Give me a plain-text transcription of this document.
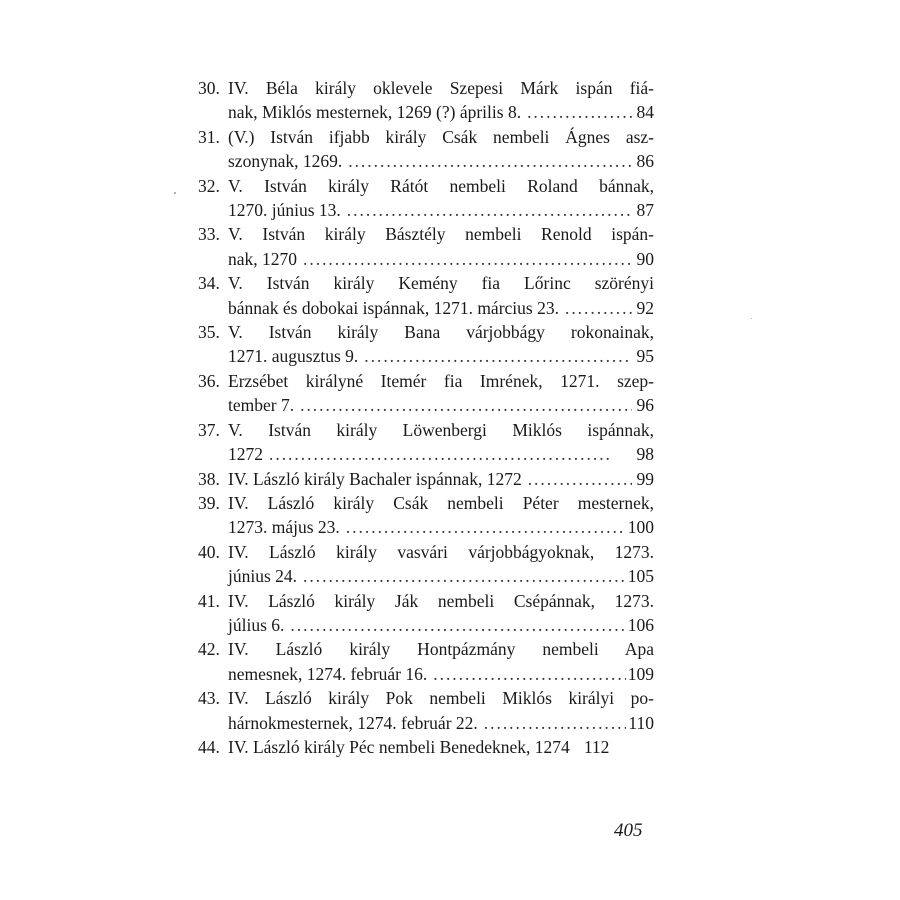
30. IV. Béla király oklevele Szepesi Márk ispán fiá-
nak, Miklós mesternek, 1269 (?) április 8. . . .	84
31. (V.) István ifjabb király Csák nembeli Ágnes asz-
szonynak, 1269. . . .	86
32. V. István király Rátót nembeli Roland bánnak,
1270. június 13. . . .	87
33. V. István király Básztély nembeli Renold ispán-
nak, 1270 . . .	90
34. V. István király Kemény fia Lőrinc szörényi
bánnak és dobokai ispánnak, 1271. március 23. . . .	92
35. V. István király Bana várjobbágy rokonainak,
1271. augusztus 9. . . .	95
36. Erzsébet királyné Itemér fia Imrének, 1271. szep-
tember 7. . . .	96
37. V. István király Löwenbergi Miklós ispánnak,
1272 . . .	98
38. IV. László király Bachaler ispánnak, 1272 . . .	99
39. IV. László király Csák nembeli Péter mesternek,
1273. május 23. . . .	100
40. IV. László király vasvári várjobbágyoknak, 1273.
június 24. . . .	105
41. IV. László király Ják nembeli Csépánnak, 1273.
július 6. . . .	106
42. IV. László király Hontpázmány nembeli Apa
nemesnek, 1274. február 16. . . .	109
43. IV. László király Pok nembeli Miklós királyi po-
hárnokmesternek, 1274. február 22. . . .	110
44. IV. László király Péc nembeli Benedeknek, 1274 112
405
